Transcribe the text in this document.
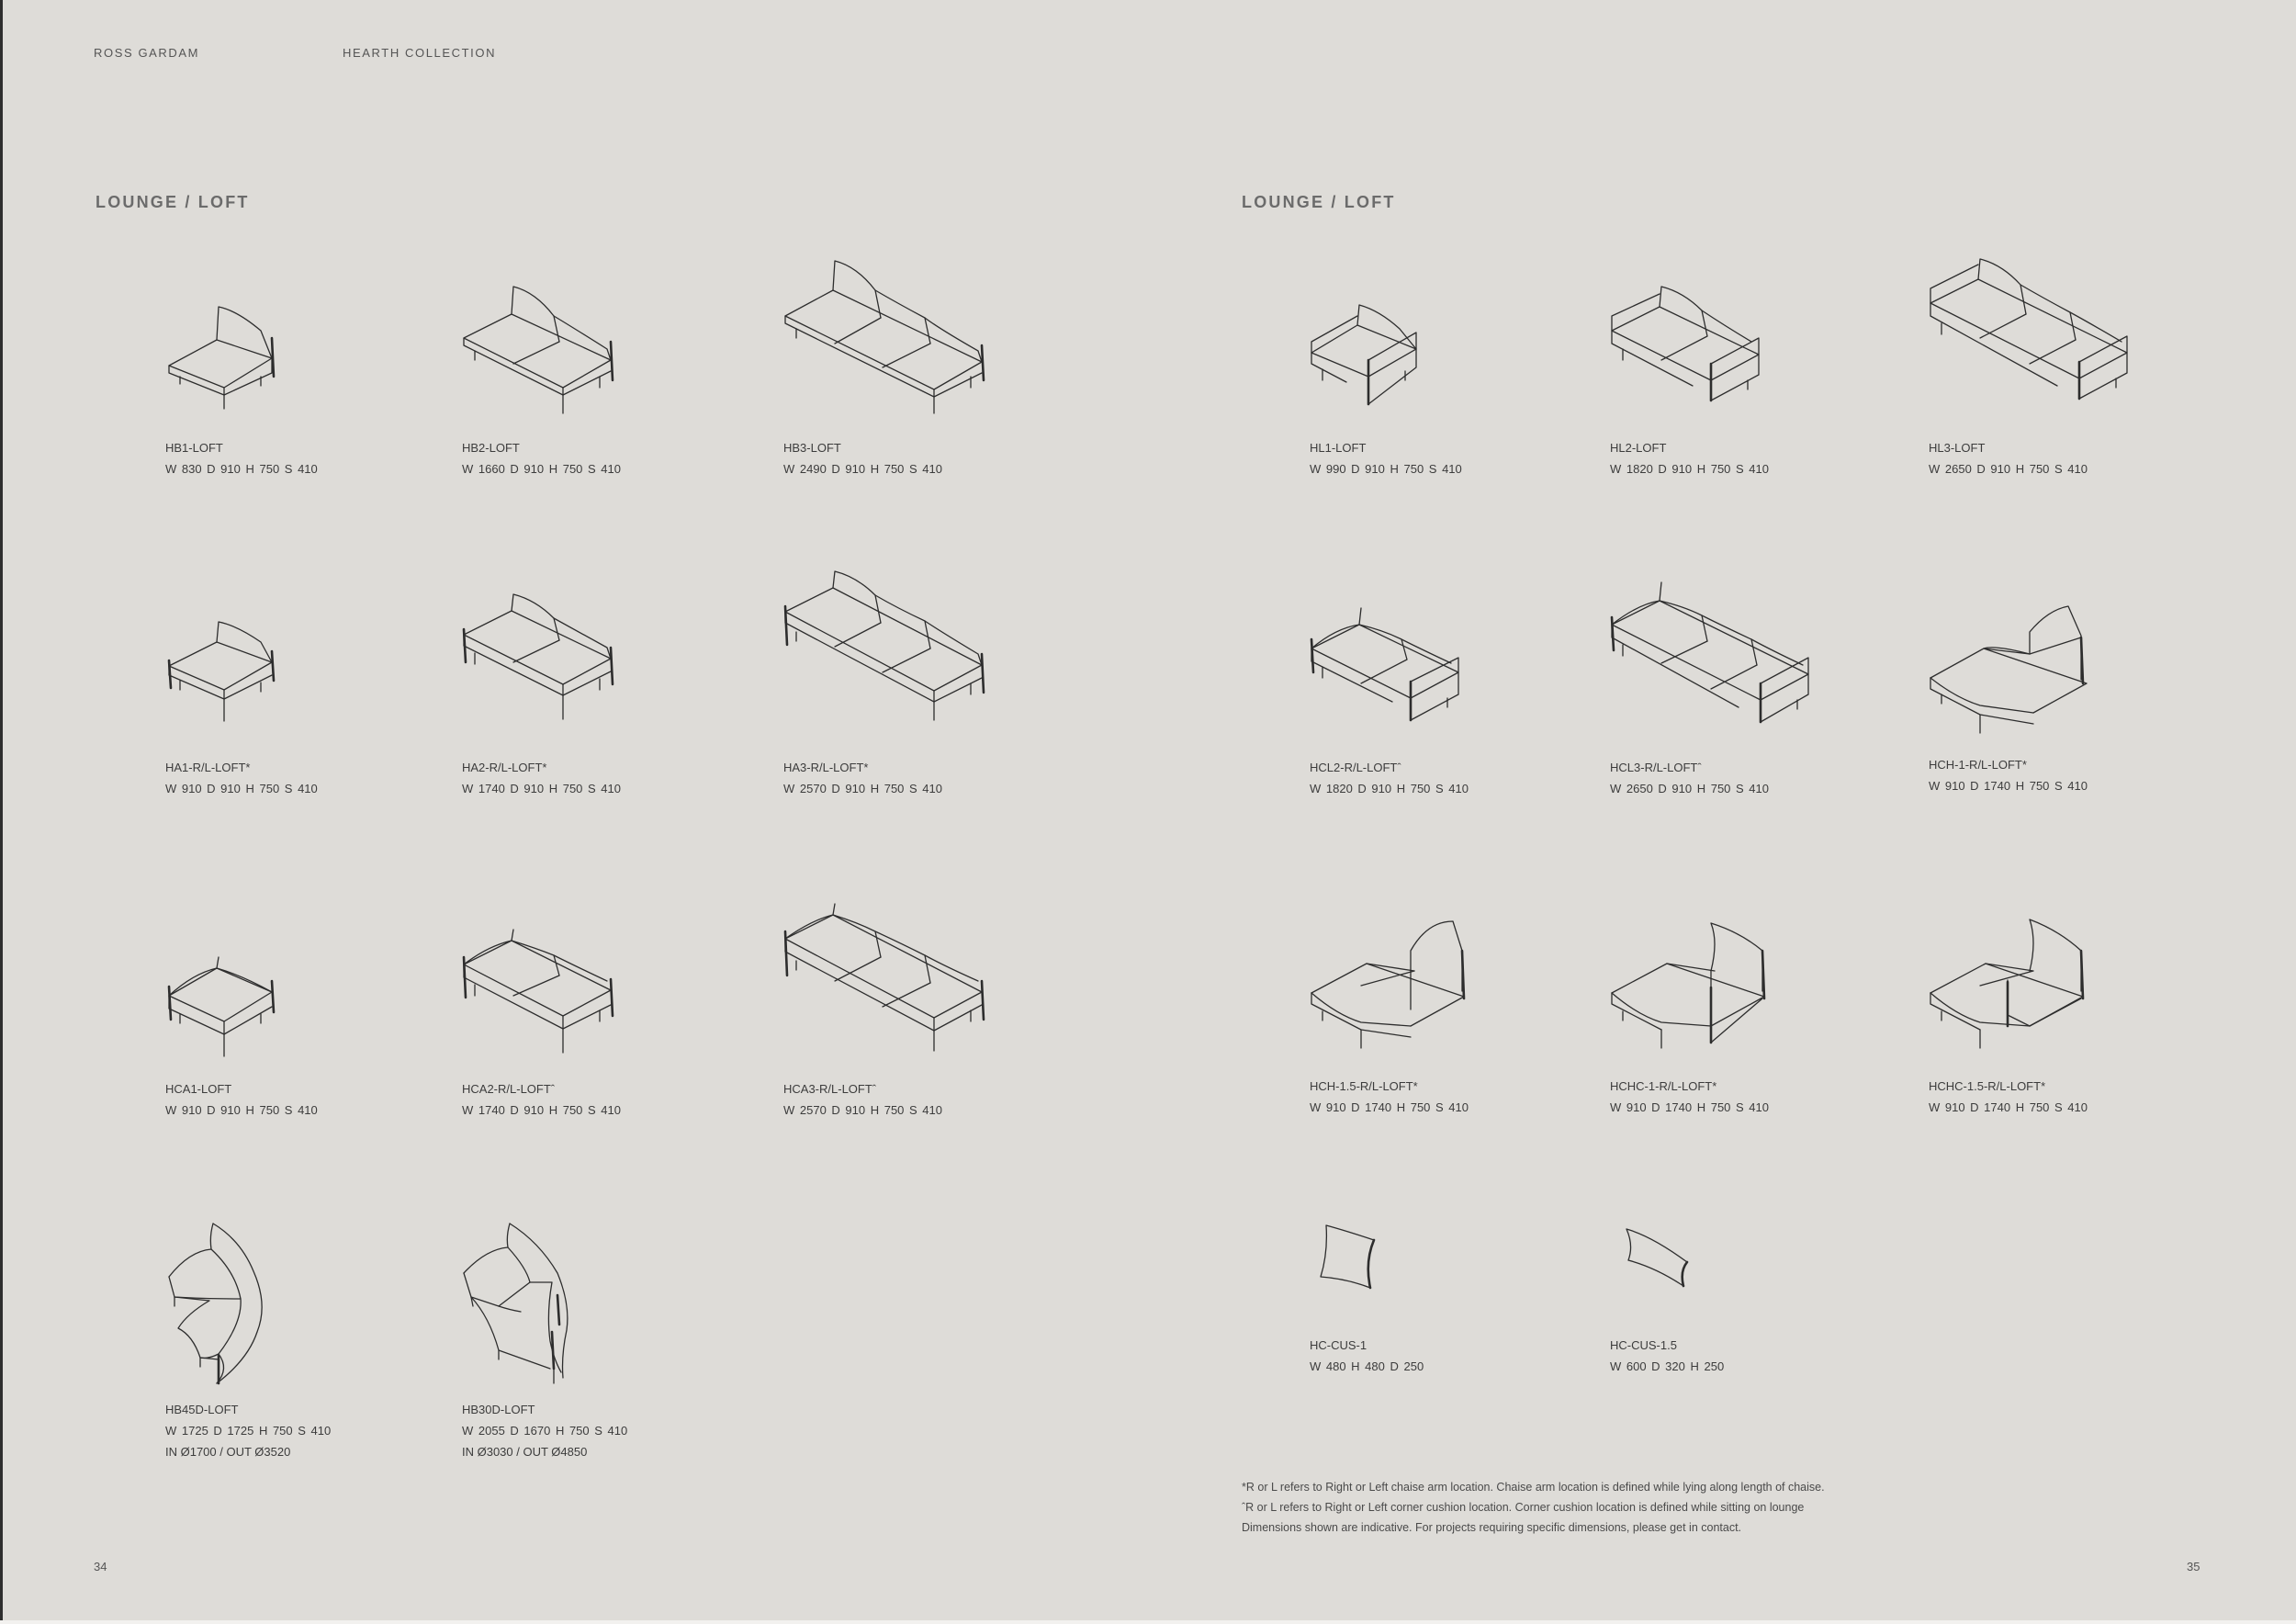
ROSS GARDAM	HEARTH COLLECTION
LOUNGE / LOFT	LOUNGE / LOFT
HB1-LOFT
W 830 D 910 H 750 S 410
HB2-LOFT
W 1660 D 910 H 750 S 410
HB3-LOFT
W 2490 D 910 H 750 S 410
HA1-R/L-LOFT*
W 910 D 910 H 750 S 410
HA2-R/L-LOFT*
W 1740 D 910 H 750 S 410
HA3-R/L-LOFT*
W 2570 D 910 H 750 S 410
HCA1-LOFT
W 910 D 910 H 750 S 410
HCA2-R/L-LOFTˆ
W 1740 D 910 H 750 S 410
HCA3-R/L-LOFTˆ
W 2570 D 910 H 750 S 410
HB45D-LOFT
W 1725 D 1725 H 750 S 410
IN Ø1700 / OUT Ø3520
HB30D-LOFT
W 2055 D 1670 H 750 S 410
IN Ø3030 / OUT Ø4850
34
HL1-LOFT
W 990 D 910 H 750 S 410
HL2-LOFT
W 1820 D 910 H 750 S 410
HL3-LOFT
W 2650 D 910 H 750 S 410
HCL2-R/L-LOFTˆ
W 1820 D 910 H 750 S 410
HCL3-R/L-LOFTˆ
W 2650 D 910 H 750 S 410
HCH-1-R/L-LOFT*
W 910 D 1740 H 750 S 410
HCH-1.5-R/L-LOFT*
W 910 D 1740 H 750 S 410
HCHC-1-R/L-LOFT*
W 910 D 1740 H 750 S 410
HCHC-1.5-R/L-LOFT*
W 910 D 1740 H 750 S 410
HC-CUS-1
W 480 H 480 D 250
HC-CUS-1.5
W 600 D 320 H 250
*R or L refers to Right or Left chaise arm location. Chaise arm location is defined while lying along length of chaise.
ˆR or L refers to Right or Left corner cushion location. Corner cushion location is defined while sitting on lounge
Dimensions shown are indicative. For projects requiring specific dimensions, please get in contact.
35
